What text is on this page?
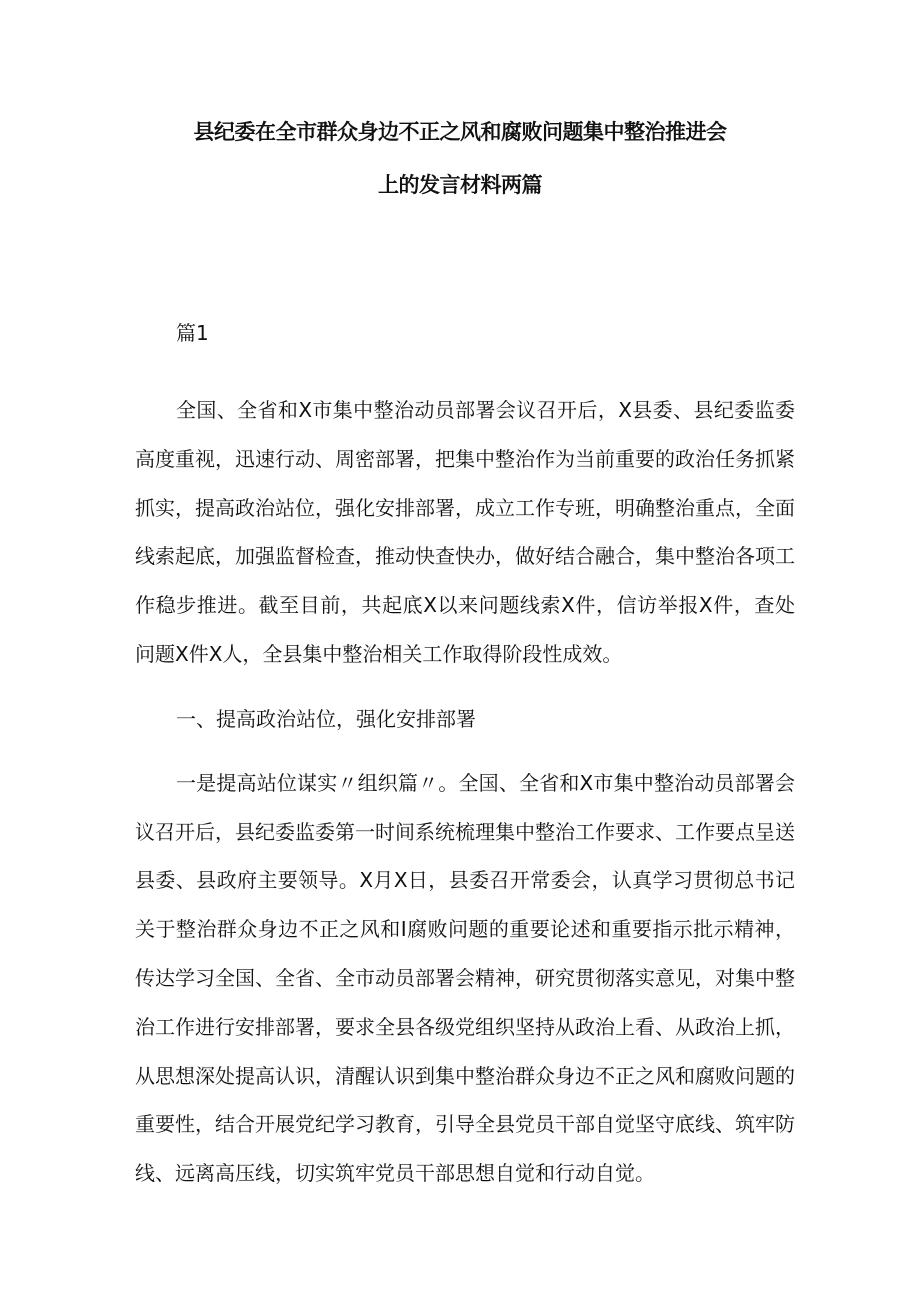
县纪委在全市群众身边不正之风和腐败问题集中整治推进会
上的发言材料两篇

篇1

全国、全省和X市集中整治动员部署会议召开后，X县委、县纪委监委高度重视，迅速行动、周密部署，把集中整治作为当前重要的政治任务抓紧抓实，提高政治站位，强化安排部署，成立工作专班，明确整治重点，全面线索起底，加强监督检查，推动快查快办，做好结合融合，集中整治各项工作稳步推进。截至目前，共起底X以来问题线索X件，信访举报X件，查处问题X件X人，全县集中整治相关工作取得阶段性成效。

一、提高政治站位，强化安排部署

一是提高站位谋实〃组织篇〃。全国、全省和X市集中整治动员部署会议召开后，县纪委监委第一时间系统梳理集中整治工作要求、工作要点呈送县委、县政府主要领导。X月X日，县委召开常委会，认真学习贯彻总书记关于整治群众身边不正之风和I腐败问题的重要论述和重要指示批示精神，传达学习全国、全省、全市动员部署会精神，研究贯彻落实意见，对集中整治工作进行安排部署，要求全县各级党组织坚持从政治上看、从政治上抓，从思想深处提高认识，清醒认识到集中整治群众身边不正之风和腐败问题的重要性，结合开展党纪学习教育，引导全县党员干部自觉坚守底线、筑牢防线、远离高压线，切实筑牢党员干部思想自觉和行动自觉。
